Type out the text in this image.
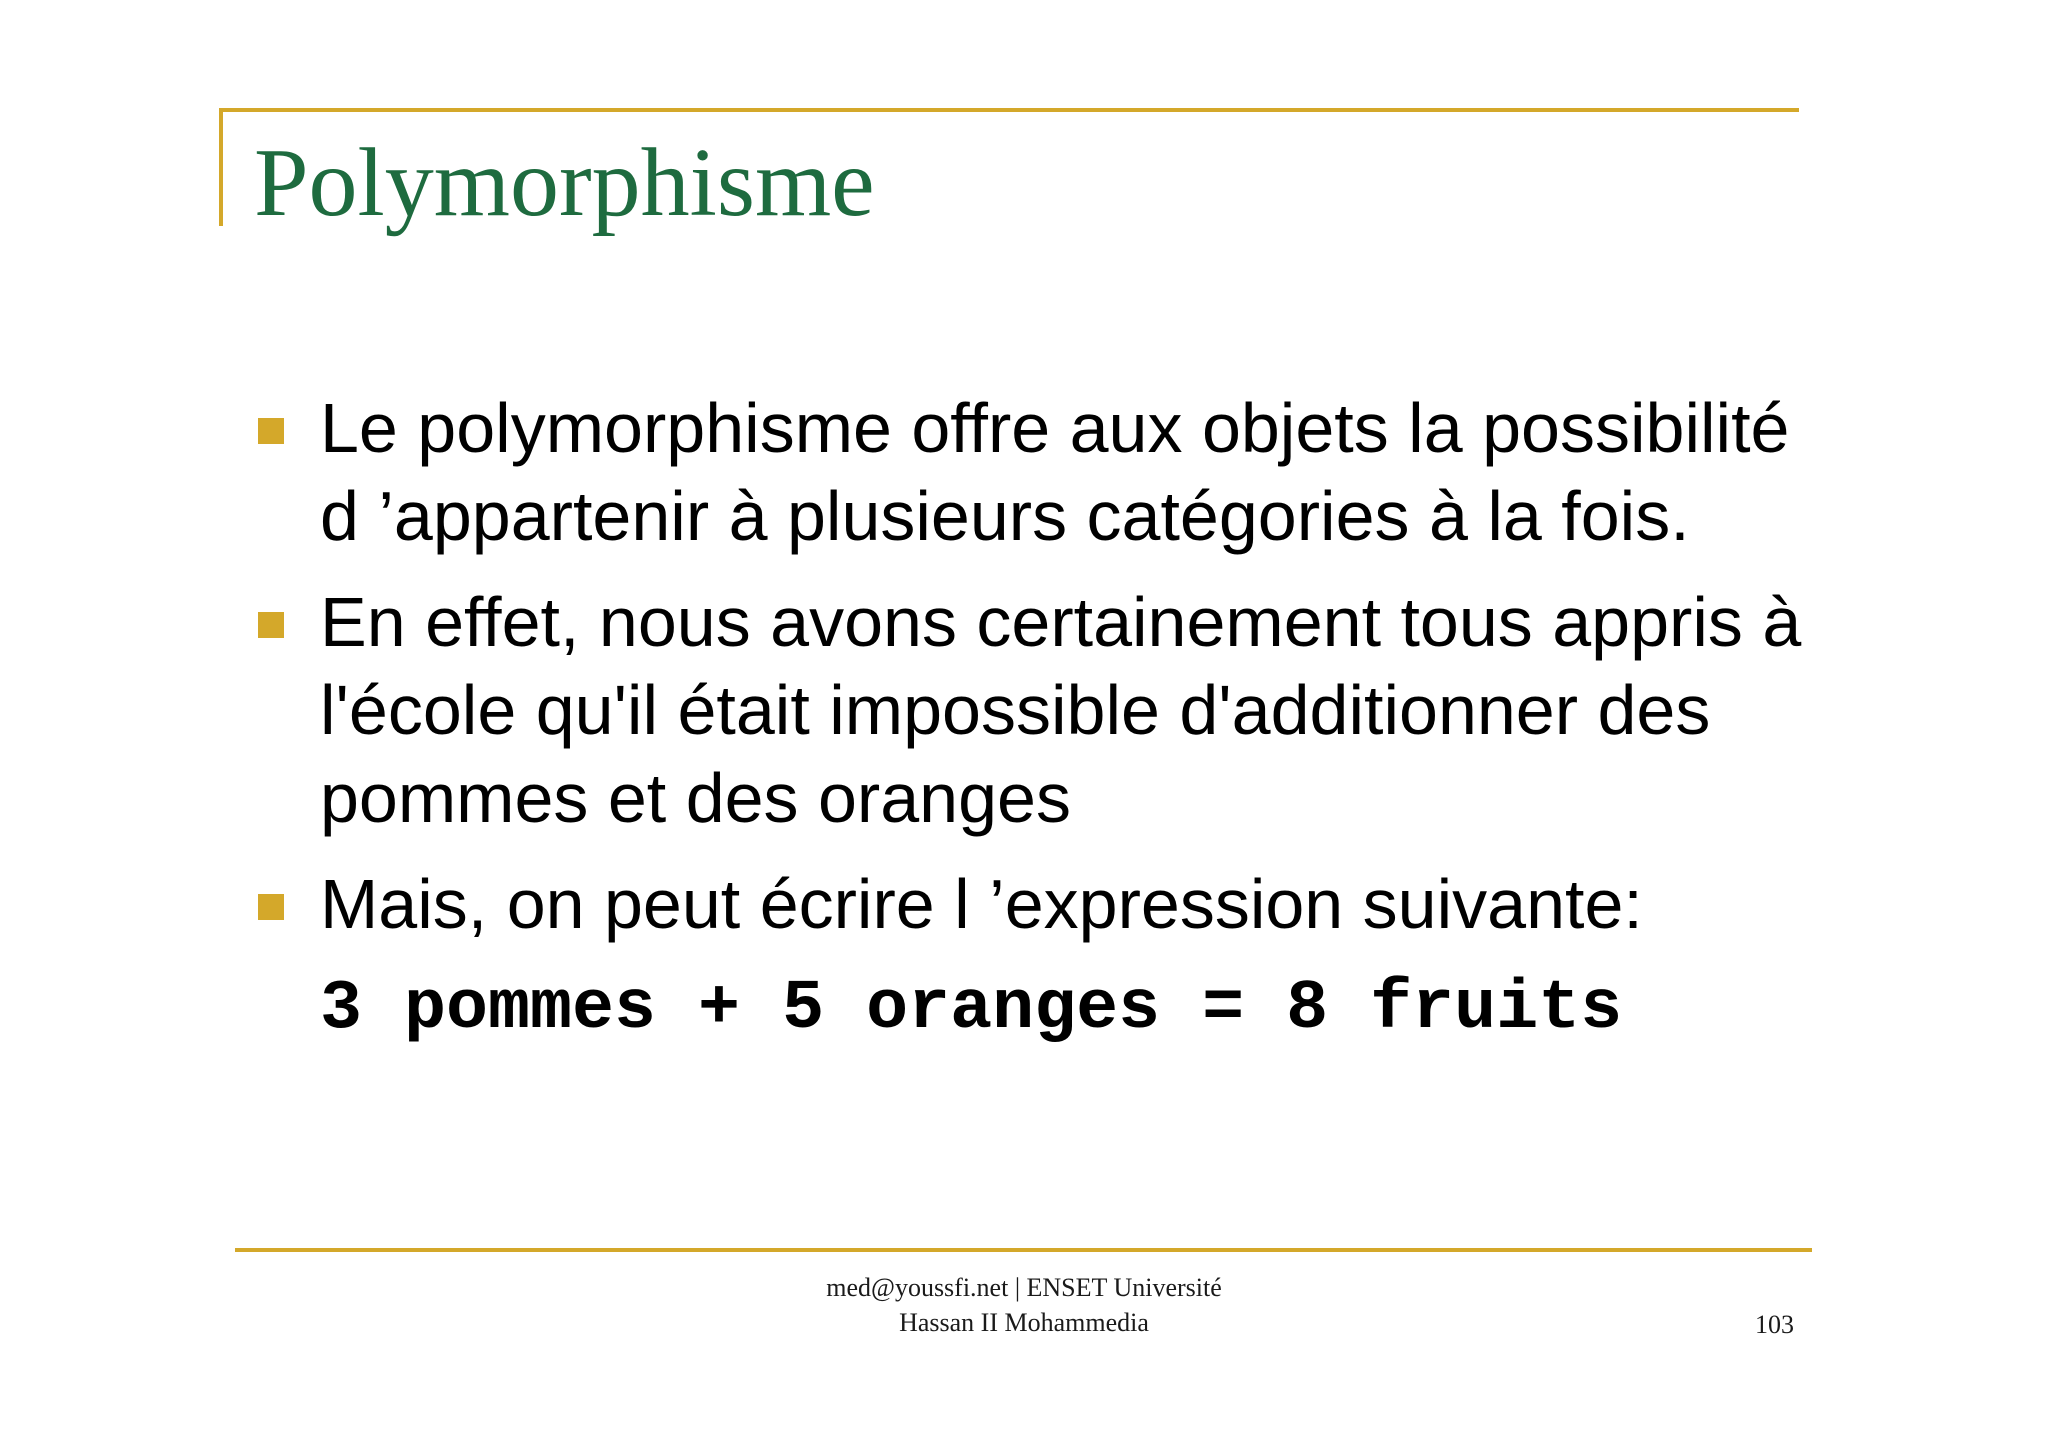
Polymorphisme
Le polymorphisme offre aux objets la possibilité d ’appartenir à plusieurs catégories à la fois.
En effet, nous avons certainement tous appris à l'école qu'il était impossible d'additionner des pommes et des oranges
Mais, on peut écrire l ’expression suivante:
3 pommes + 5 oranges = 8 fruits
med@youssfi.net | ENSET Université
Hassan II Mohammedia	103
